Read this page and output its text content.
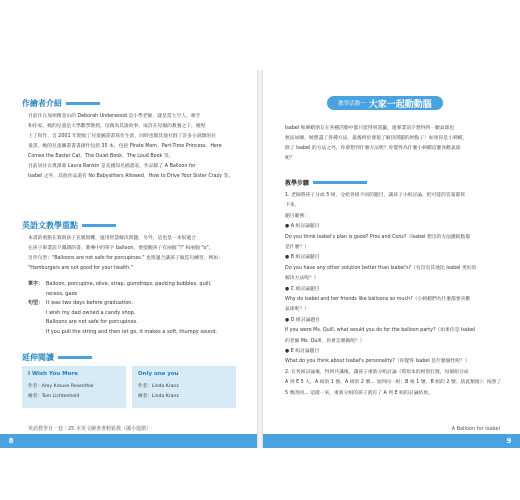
作繪者介紹
目前住在加州舊金山的 Deborah Underwood 是小學老師、就是當大空人、歌手
和作家，她的兒童是大學數學教授，母親為其說故事，成許在母親的教養之下，她堅
上了寫作，自 2001 年開始了兒童圖書書寫作生涯，同時也幫其他社群了許多小說類的兒
童書，她的兒童圖書書書創作包括 35 本，包括 Pirate Mom、Part-Time Princess、Here
Comes the Easter Cat、The Quiet Book、The Loud Book 等。
目前居住在奧澤蒙 Laura Rankin 是美國知名插畫家，作品除了 A Balloon for
Isabel 之外，其他作品還有 No Babysitters Allowed、How to Drive Your Sister Crazy 等。
英語文教學重點
本書的重點在敘敘孩子克服困難，運用智慧解決問題。另外，這也是一本很適合
在孩子畢業前夕閱讀的書，教導中的單字 balloon，要提醒孩子有兩個 "l" 和兩個 "o"。
另外句型："Balloons are not safe for porcupines." 也很適合讓孩子做造句練習，例如：
"Hamburgers are not good for your health."
單字： Balloon, porcupine, olive, strap, gumdrops, packing bubbles, quill,
recess, gaze
句型： It was two days before graduation.
I wish my dad owned a candy shop.
Balloons are not safe for porcupines.
If you pull the string and then let go, it makes a soft, thumpy sound.
延伸閱讀
I Wish You More
作者：Amy Krouse Rosenthal
繪者：Tom Lichtenheld
Only one you
作者：Linda Kranz
繪者：Linda Kranz
英語教學有一套｜25 本英文繪書書輕鬆教（國小進階）
8
教學活動一 大家一起動動腦
Isabel 和刺蝟朋友在各種活動中都只能得到書籤，連畢業前夕想得到一顆氣球也
無法如願，她想盡了各種方法，最後終於發現了解決問題的妙點子！如果你是小刺蝟，
除了 Isabel 的方法之外，你會想到什麼方法呢？你覺得為什麼小刺蝟這麼喜歡氣球
呢？
教學步驟
1. 老師將孩子分成 5 組，分給各組不同的題目，讓孩子小組討論，把可能的答案都寫
下來。
題目範例：
● A 組討論題目
Do you think Isabel's plan is good? Pros and Cons?（Isabel 想出的方法優缺點都
是什麼？）
● B 組討論題目
Do you have any other solution better than Isabel's?（有沒有其他比 Isabel 更好的
解決方法呢？）
● C 組討論題目
Why do Isabel and her friends like balloons so much?（小刺蝟們為什麼都要喜歡
氣球呢？）
● D 組討論題目
If you were Ms. Quill, what would you do for the balloon party?（如果你是 Isabel
的老師 Ms. Quill，你會怎麼做呢？）
● E 組討論題目
What do you think about Isabel's personality?（你覺得 Isabel 是什麼個性呢？）
2. 在各組討論後，得到共識後，讓孩子重新分組討論（將原本的組別打散，每個組分成
A 到 E 5 人，A 組的 1 號、A 組的 2 號... 加到同一組；B 組 1 號、B 組的 2 號、依此類推）：按照了
5 號改則... 這樣一來，重新分組的孩子就有了 A 到 E 組的討論結果。
A Balloon for Isabel
9
